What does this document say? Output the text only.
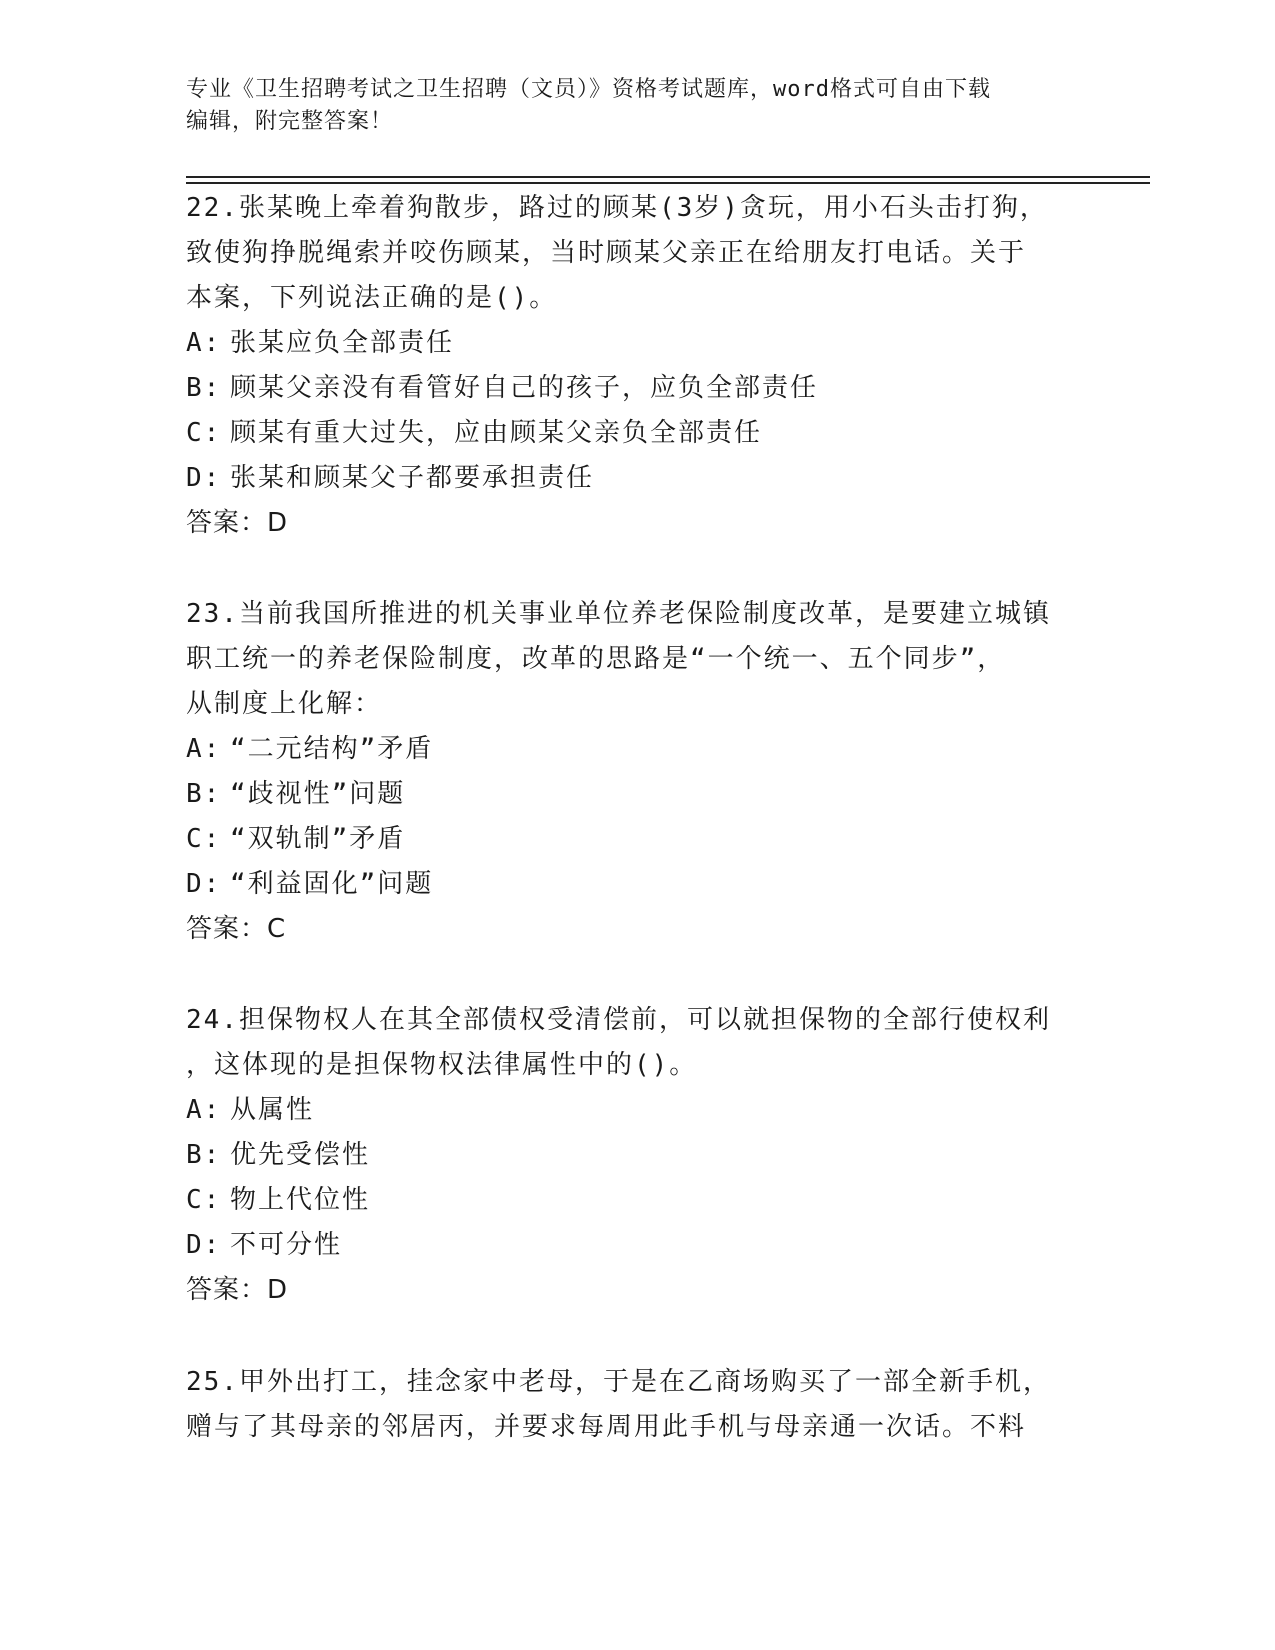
专业《卫生招聘考试之卫生招聘（文员）》资格考试题库，word格式可自由下载
编辑，附完整答案！

22.张某晚上牵着狗散步，路过的顾某(3岁)贪玩，用小石头击打狗，

致使狗挣脱绳索并咬伤顾某，当时顾某父亲正在给朋友打电话。关于

本案，下列说法正确的是()。

A: 张某应负全部责任

B: 顾某父亲没有看管好自己的孩子，应负全部责任

C: 顾某有重大过失，应由顾某父亲负全部责任

D: 张某和顾某父子都要承担责任

答案：D

23.当前我国所推进的机关事业单位养老保险制度改革，是要建立城镇

职工统一的养老保险制度，改革的思路是“一个统一、五个同步”，

从制度上化解：

A: “二元结构”矛盾

B: “歧视性”问题

C: “双轨制”矛盾

D: “利益固化”问题

答案：C

24.担保物权人在其全部债权受清偿前，可以就担保物的全部行使权利

，这体现的是担保物权法律属性中的()。

A: 从属性

B: 优先受偿性

C: 物上代位性

D: 不可分性

答案：D

25.甲外出打工，挂念家中老母，于是在乙商场购买了一部全新手机，

赠与了其母亲的邻居丙，并要求每周用此手机与母亲通一次话。不料
